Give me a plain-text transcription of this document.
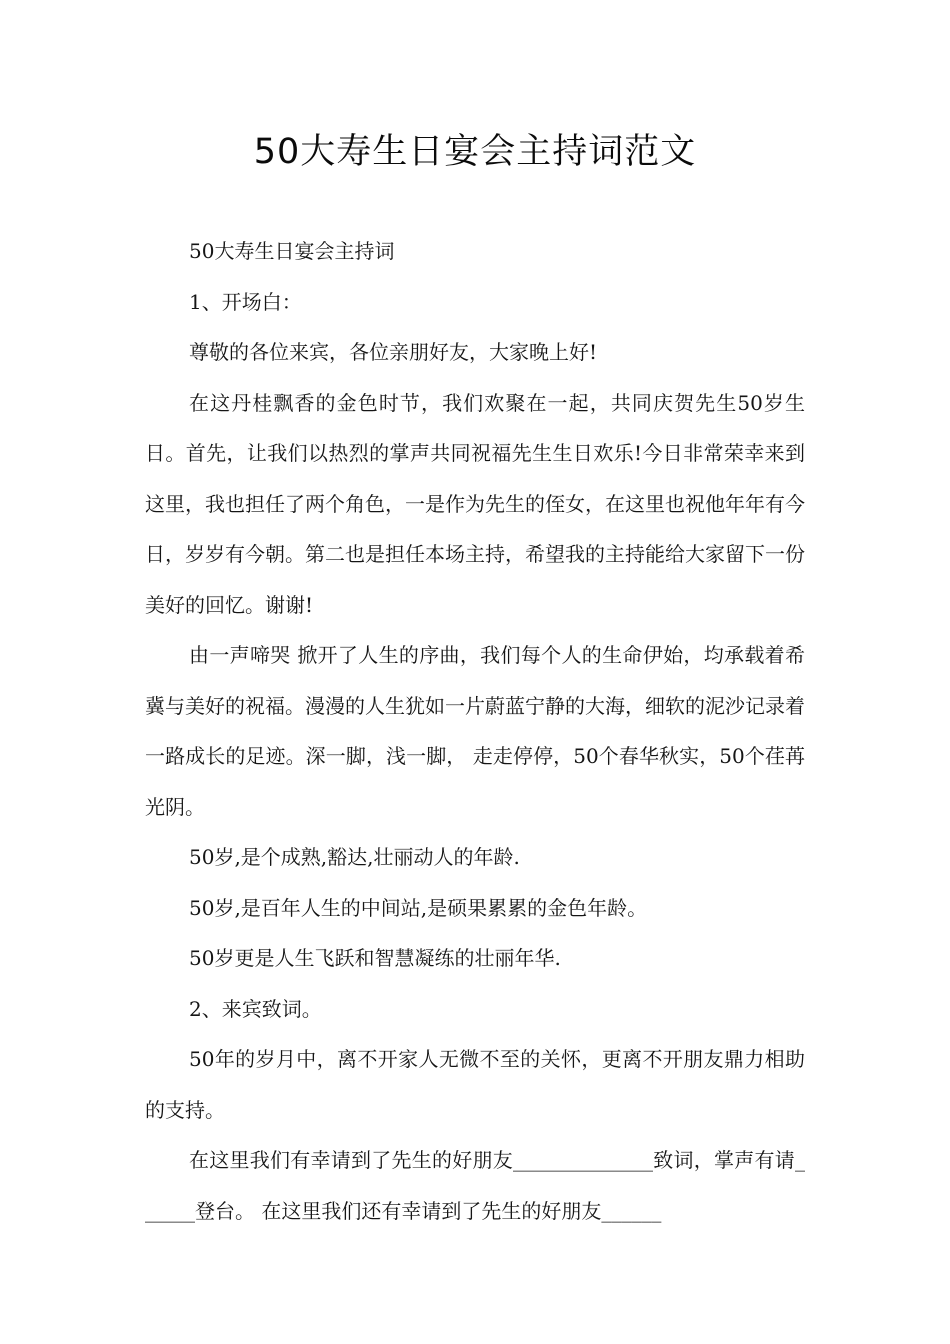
50大寿生日宴会主持词范文

50大寿生日宴会主持词

1、开场白：

尊敬的各位来宾，各位亲朋好友，大家晚上好!

在这丹桂飘香的金色时节，我们欢聚在一起，共同庆贺先生50岁生日。首先，让我们以热烈的掌声共同祝福先生生日欢乐!今日非常荣幸来到这里，我也担任了两个角色，一是作为先生的侄女，在这里也祝他年年有今日，岁岁有今朝。第二也是担任本场主持，希望我的主持能给大家留下一份美好的回忆。谢谢!

由一声啼哭 掀开了人生的序曲，我们每个人的生命伊始，均承载着希冀与美好的祝福。漫漫的人生犹如一片蔚蓝宁静的大海，细软的泥沙记录着一路成长的足迹。深一脚，浅一脚， 走走停停，50个春华秋实，50个荏苒光阴。

50岁,是个成熟,豁达,壮丽动人的年龄.

50岁,是百年人生的中间站,是硕果累累的金色年龄。

50岁更是人生飞跃和智慧凝练的壮丽年华.

2、来宾致词。

50年的岁月中，离不开家人无微不至的关怀，更离不开朋友鼎力相助的支持。

在这里我们有幸请到了先生的好朋友______________致词，掌声有请______登台。 在这里我们还有幸请到了先生的好朋友______
